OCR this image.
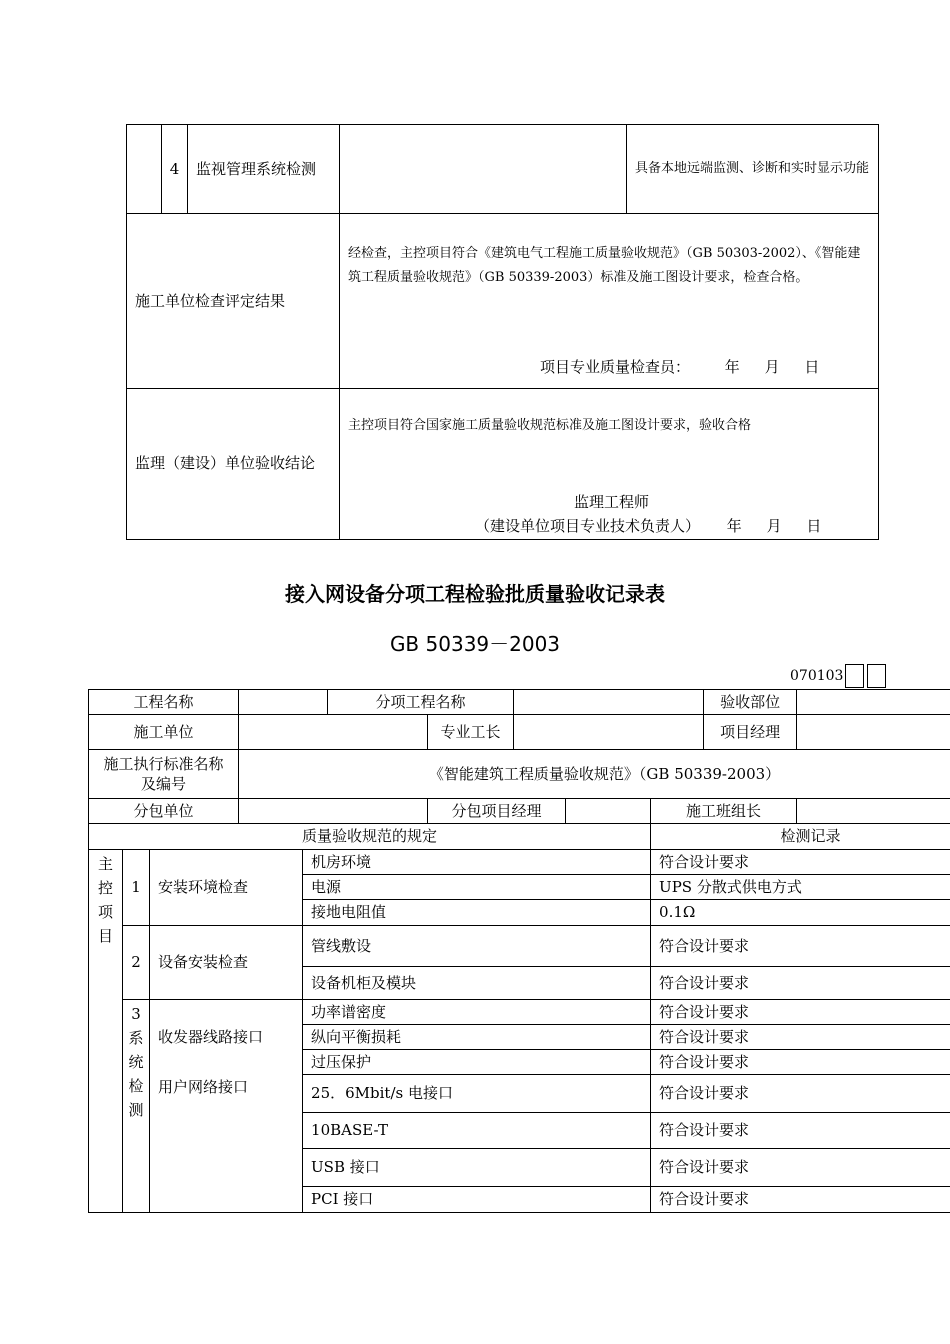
	4	监视管理系统检测		具备本地远端监测、诊断和实时显示功能
施工单位检查评定结果			经检查，主控项目符合《建筑电气工程施工质量验收规范》（GB 50303-2002）、《智能建筑工程质量验收规范》（GB 50339-2003）标准及施工图设计要求，检查合格。
项目专业质量检查员： 年 月 日	

监理（建设）单位验收结论			主控项目符合国家施工质量验收规范标准及施工图设计要求，验收合格
监理工程师
（建设单位项目专业技术负责人） 年 月 日	
接入网设备分项工程检验批质量验收记录表
GB 50339－2003
070103
工程名称					分项工程名称					验收部位	
施工单位						专业工长				项目经理	
施工执行标准名称及编号			《智能建筑工程质量验收规范》（GB 50339-2003）								
分包单位						分包项目经理			施工班组长		
质量验收规范的规定									检测记录		

主
控
项
目	1	安装环境检查		机房环境					符合设计要求		
				电源					UPS 分散式供电方式		
				接地电阻值					0.1Ω		
	2	设备安装检查		管线敷设					符合设计要求		
				设备机柜及模块					符合设计要求		

	3
系
统
检
测	收发器线路接口		功率谱密度					符合设计要求		
				纵向平衡损耗					符合设计要求		
				过压保护					符合设计要求		
		用户网络接口		25．6Mbit/s 电接口					符合设计要求		
				10BASE-T					符合设计要求		
				USB 接口					符合设计要求		
				PCI 接口					符合设计要求		
